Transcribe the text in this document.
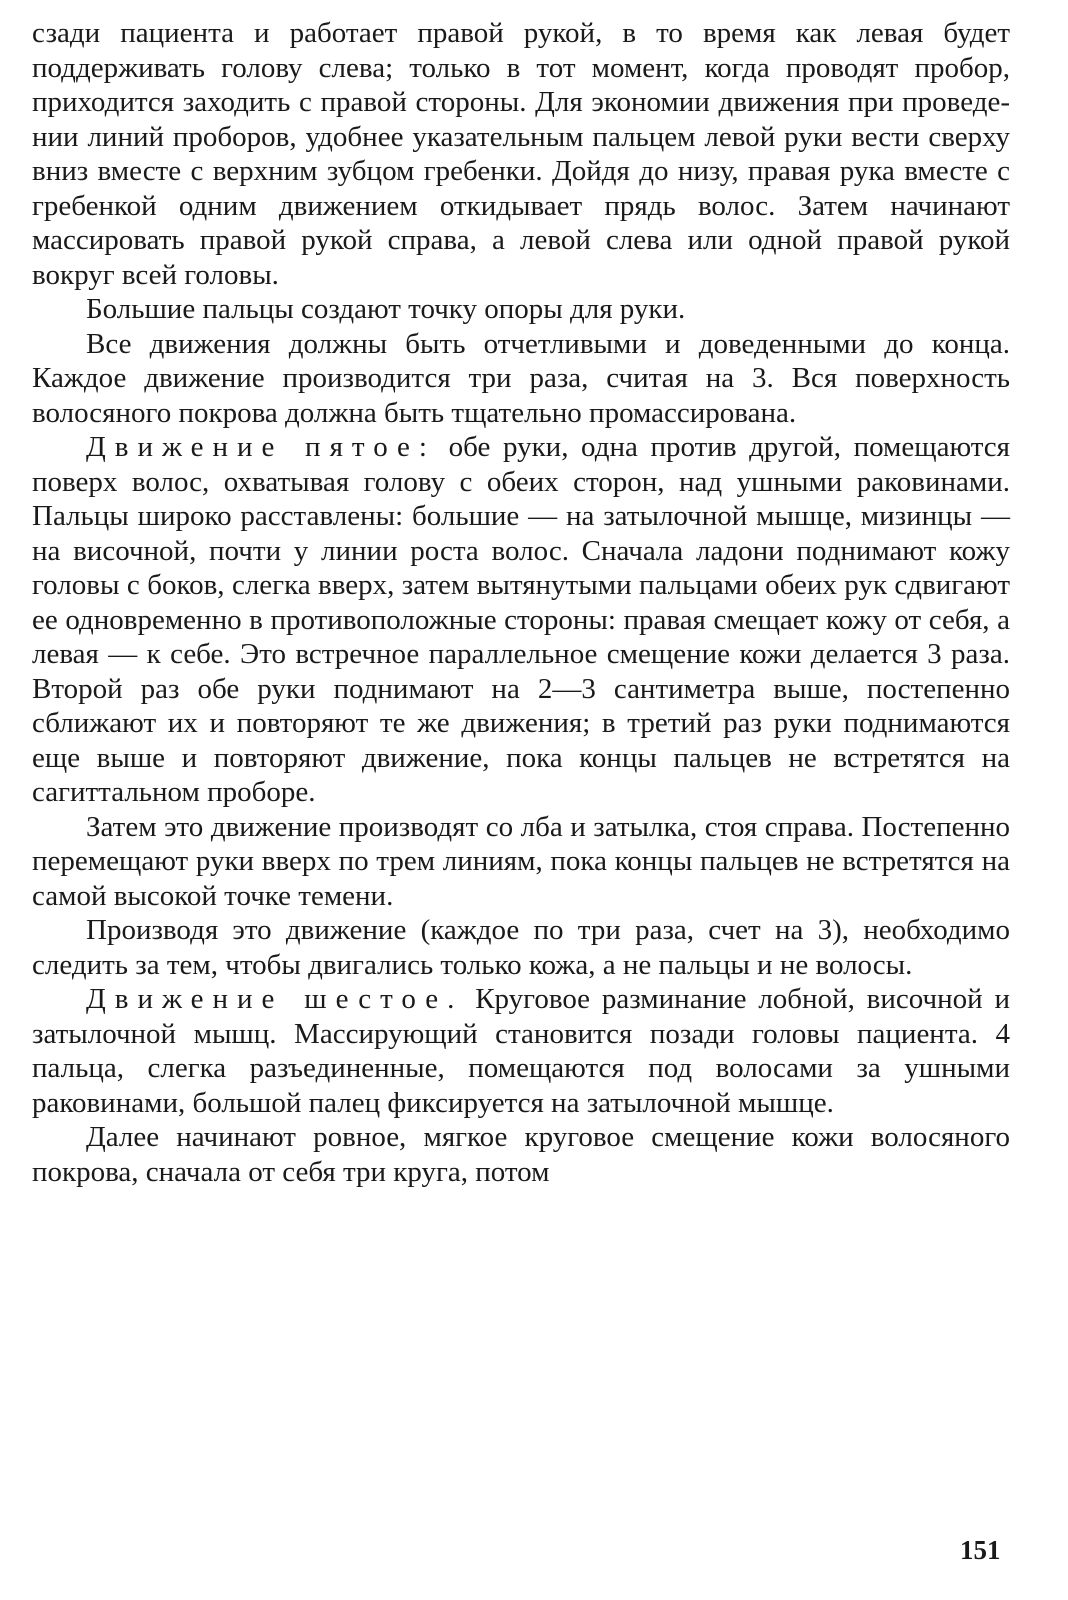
сзади пациента и работает правой рукой, в то время как левая будет поддерживать голову слева; только в тот момент, когда проводят пробор, приходится заходить с правой стороны. Для экономии движения при проведении линий проборов, удобнее указательным пальцем левой руки вести сверху вниз вместе с верхним зубцом гребенки. Дойдя до низу, правая рука вместе с гребенкой одним движением откидывает прядь волос. Затем начинают массировать правой рукой справа, а левой слева или одной правой рукой вокруг всей головы.

Большие пальцы создают точку опоры для руки.

Все движения должны быть отчетливыми и доведенными до конца. Каждое движение производится три раза, считая на 3. Вся поверхность волосяного покрова должна быть тщательно промассирована.

Движение пятое: обе руки, одна против другой, помещаются поверх волос, охватывая голову с обеих сторон, над ушными раковинами. Пальцы широко расставлены: большие — на затылочной мышце, мизинцы — на височной, почти у линии роста волос. Сначала ладони поднимают кожу головы с боков, слегка вверх, затем вытянутыми пальцами обеих рук сдвигают ее одновременно в противоположные стороны: правая смещает кожу от себя, а левая — к себе. Это встречное параллельное смещение кожи делается 3 раза. Второй раз обе руки поднимают на 2—3 сантиметра выше, постепенно сближают их и повторяют те же движения; в третий раз руки поднимаются еще выше и повторяют движение, пока концы пальцев не встретятся на сагиттальном проборе.

Затем это движение производят со лба и затылка, стоя справа. Постепенно перемещают руки вверх по трем линиям, пока концы пальцев не встретятся на самой высокой точке темени.

Производя это движение (каждое по три раза, счет на 3), необходимо следить за тем, чтобы двигались только кожа, а не пальцы и не волосы.

Движение шестое. Круговое разминание лобной, височной и затылочной мышц. Массирующий становится позади головы пациента. 4 пальца, слегка разъединенные, помещаются под волосами за ушными раковинами, большой палец фиксируется на затылочной мышце.

Далее начинают ровное, мягкое круговое смещение кожи волосяного покрова, сначала от себя три круга, потом

151
